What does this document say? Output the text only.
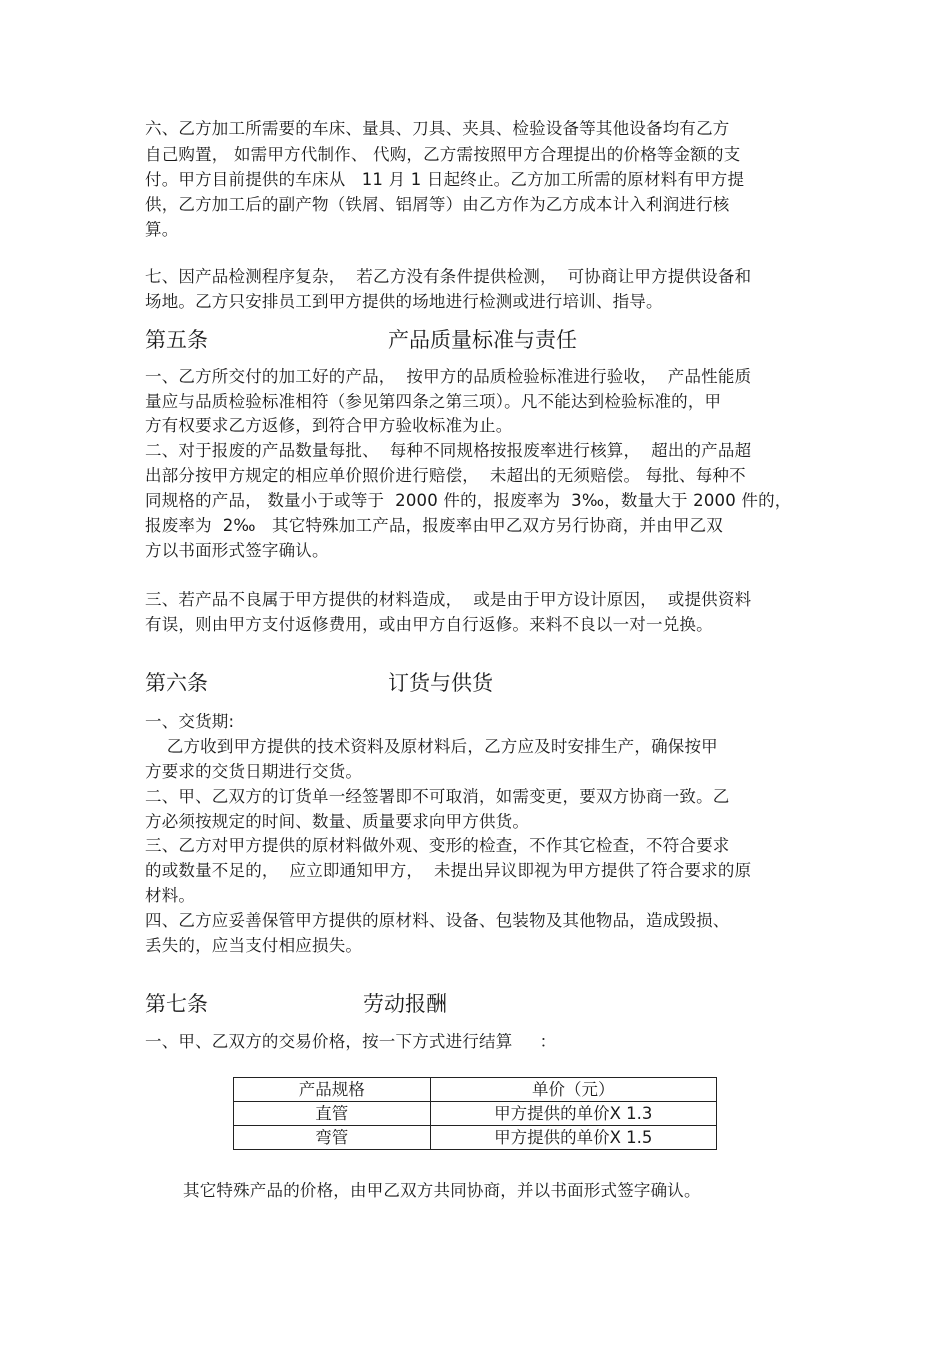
六、乙方加工所需要的车床、量具、刀具、夹具、检验设备等其他设备均有乙方
自己购置， 如需甲方代制作、 代购，乙方需按照甲方合理提出的价格等金额的支
付。甲方目前提供的车床从   11 月 1 日起终止。乙方加工所需的原材料有甲方提
供，乙方加工后的副产物（铁屑、铝屑等）由乙方作为乙方成本计入利润进行核
算。
七、因产品检测程序复杂，  若乙方没有条件提供检测，  可协商让甲方提供设备和
场地。乙方只安排员工到甲方提供的场地进行检测或进行培训、指导。
第五条	产品质量标准与责任
一、乙方所交付的加工好的产品，  按甲方的品质检验标准进行验收，  产品性能质
量应与品质检验标准相符（参见第四条之第三项）。凡不能达到检验标准的，甲
方有权要求乙方返修，到符合甲方验收标准为止。
二、对于报废的产品数量每批、  每种不同规格按报废率进行核算，  超出的产品超
出部分按甲方规定的相应单价照价进行赔偿，  未超出的无须赔偿。 每批、每种不
同规格的产品， 数量小于或等于  2000 件的，报废率为  3‰，数量大于 2000 件的，
报废率为  2‰   其它特殊加工产品，报废率由甲乙双方另行协商，并由甲乙双
方以书面形式签字确认。
三、若产品不良属于甲方提供的材料造成，  或是由于甲方设计原因，  或提供资料
有误，则由甲方支付返修费用，或由甲方自行返修。来料不良以一对一兑换。
第六条	订货与供货
一、交货期:
乙方收到甲方提供的技术资料及原材料后，乙方应及时安排生产，确保按甲
方要求的交货日期进行交货。
二、甲、乙双方的订货单一经签署即不可取消，如需变更，要双方协商一致。乙
方必须按规定的时间、数量、质量要求向甲方供货。
三、乙方对甲方提供的原材料做外观、变形的检查，不作其它检查，不符合要求
的或数量不足的，  应立即通知甲方，  未提出异议即视为甲方提供了符合要求的原
材料。
四、乙方应妥善保管甲方提供的原材料、设备、包装物及其他物品，造成毁损、
丢失的，应当支付相应损失。
第七条	劳动报酬
一、甲、乙双方的交易价格，按一下方式进行结算     ：
产品规格	单价（元）
直管	甲方提供的单价X 1.3
弯管	甲方提供的单价X 1.5
其它特殊产品的价格，由甲乙双方共同协商，并以书面形式签字确认。
